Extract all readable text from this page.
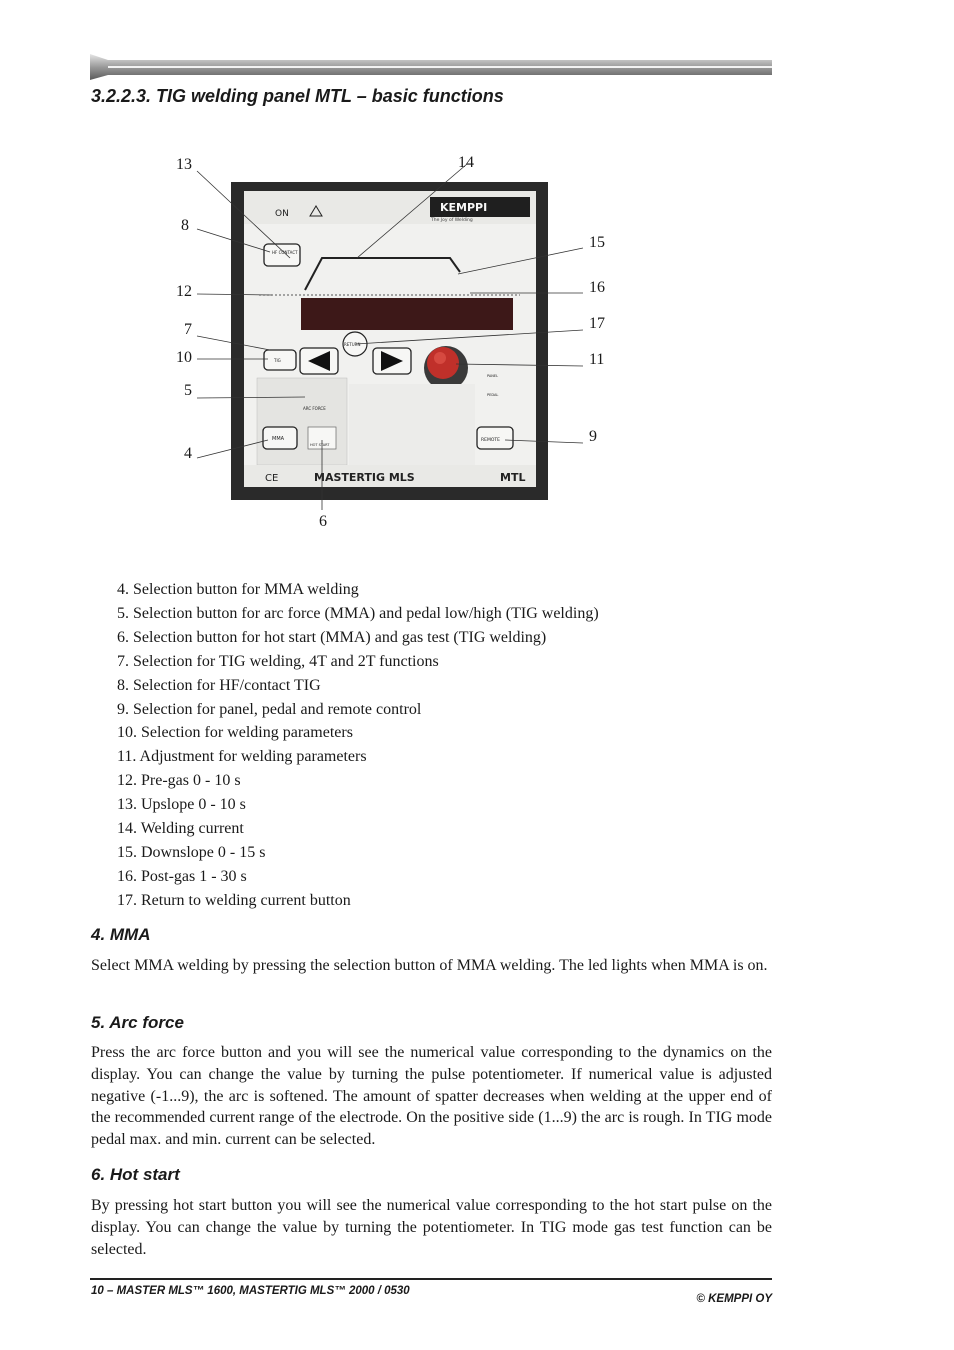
3.2.2.3. TIG welding panel MTL – basic functions
ON	KEMPPI
The Joy of Welding
HF CONTACT
TIG
RETURN
ARC FORCE
MMA
HOT START
PANEL
PEDAL
REMOTE
CE	MASTERTIG MLS	MTL
13	14
8
15
12	16
17
7
10	11
5
9
4
6
4. Selection button for MMA welding
5. Selection button for arc force (MMA) and pedal low/high (TIG welding)
6. Selection button for hot start (MMA) and gas test (TIG welding)
7. Selection for TIG welding, 4T and 2T functions
8. Selection for HF/contact TIG
9. Selection for panel, pedal and remote control
10. Selection for welding parameters
11. Adjustment for welding parameters
12. Pre-gas 0 - 10 s
13. Upslope 0 - 10 s
14. Welding current
15. Downslope 0 - 15 s
16. Post-gas 1 - 30 s
17. Return to welding current button
4. MMA

Select MMA welding by pressing the selection button of MMA welding. The led lights when MMA is on.

5. Arc force

Press the arc force button and you will see the numerical value corresponding to the dynamics on the display. You can change the value by turning the pulse potentiometer. If numerical value is adjusted negative (-1...9), the arc is softened. The amount of spatter decreases when welding at the upper end of the recommended current range of the electrode. On the positive side (1...9) the arc is rough. In TIG mode pedal max. and min. current can be selected.

6. Hot start

By pressing hot start button you will see the numerical value corresponding to the hot start pulse on the display. You can change the value by turning the potentiometer. In TIG mode gas test function can be selected.

10 – MASTER MLS™ 1600, MASTERTIG MLS™ 2000 / 0530
© KEMPPI OY
